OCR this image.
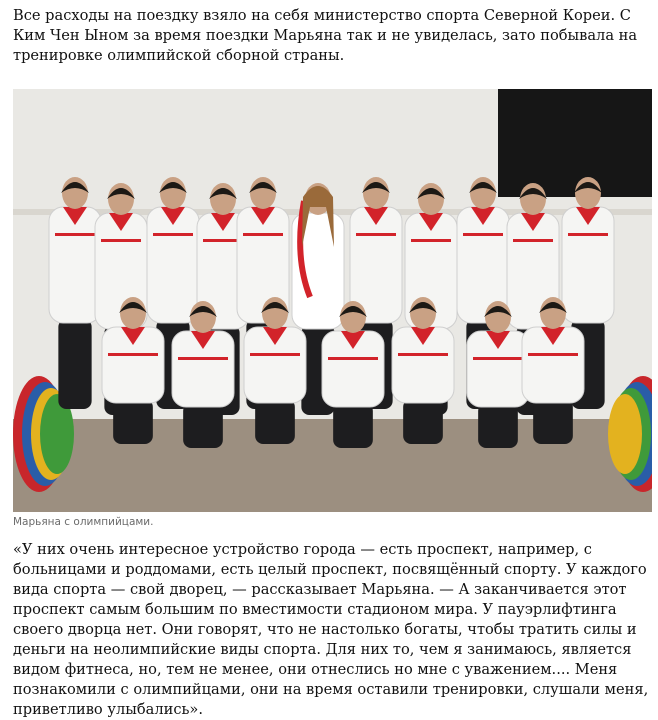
Все расходы на поездку взяло на себя министерство спорта Северной Кореи. С Ким Чен Ыном за время поездки Марьяна так и не увиделась, зато побывала на тренировке олимпийской сборной страны.

Марьяна с олимпийцами.

«У них очень интересное устройство города — есть проспект, например, с больницами и роддомами, есть целый проспект, посвящённый спорту. У каждого вида спорта — свой дворец, — рассказывает Марьяна. — А заканчивается этот проспект самым большим по вместимости стадионом мира. У пауэрлифтинга своего дворца нет. Они говорят, что не настолько богаты, чтобы тратить силы и деньги на неолимпийские виды спорта. Для них то, чем я занимаюсь, является видом фитнеса, но, тем не менее, они отнеслись но мне с уважением.... Меня познакомили с олимпийцами, они на время оставили тренировки, слушали меня, приветливо улыбались».
